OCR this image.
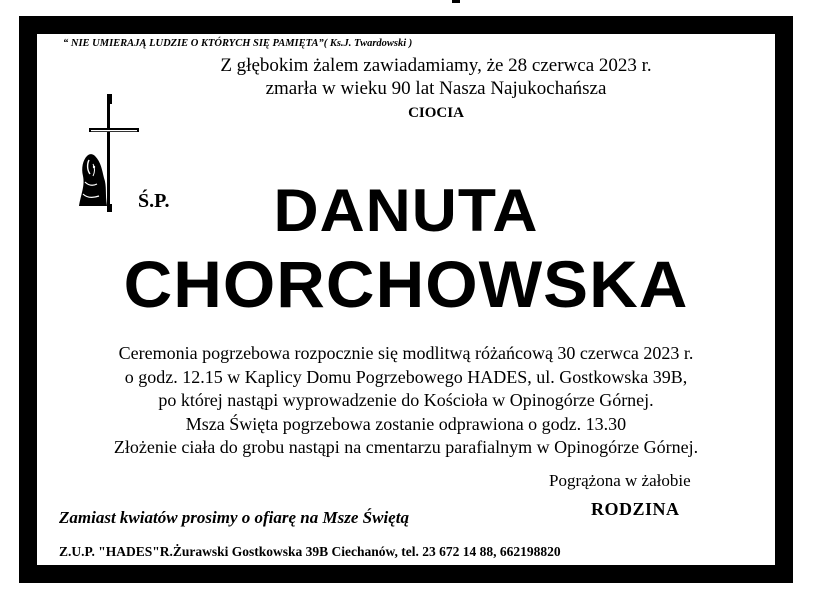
“ NIE UMIERAJĄ LUDZIE O KTÓRYCH SIĘ PAMIĘTA”( Ks.J. Twardowski )
Z głębokim żalem zawiadamiamy, że 28 czerwca 2023 r.
zmarła w wieku 90 lat Nasza Najukochańsza
CIOCIA
Ś.P.	DANUTA
CHORCHOWSKA
Ceremonia pogrzebowa rozpocznie się modlitwą różańcową 30 czerwca 2023 r.
o godz. 12.15 w Kaplicy Domu Pogrzebowego HADES, ul. Gostkowska 39B,
po której nastąpi wyprowadzenie do Kościoła w Opinogórze Górnej.
Msza Święta pogrzebowa zostanie odprawiona o godz. 13.30
Złożenie ciała do grobu nastąpi na cmentarzu parafialnym w Opinogórze Górnej.
Pogrążona w żałobie
RODZINA
Zamiast kwiatów prosimy o ofiarę na Msze Świętą
Z.U.P. "HADES"R.Żurawski Gostkowska 39B Ciechanów, tel. 23 672 14 88, 662198820
